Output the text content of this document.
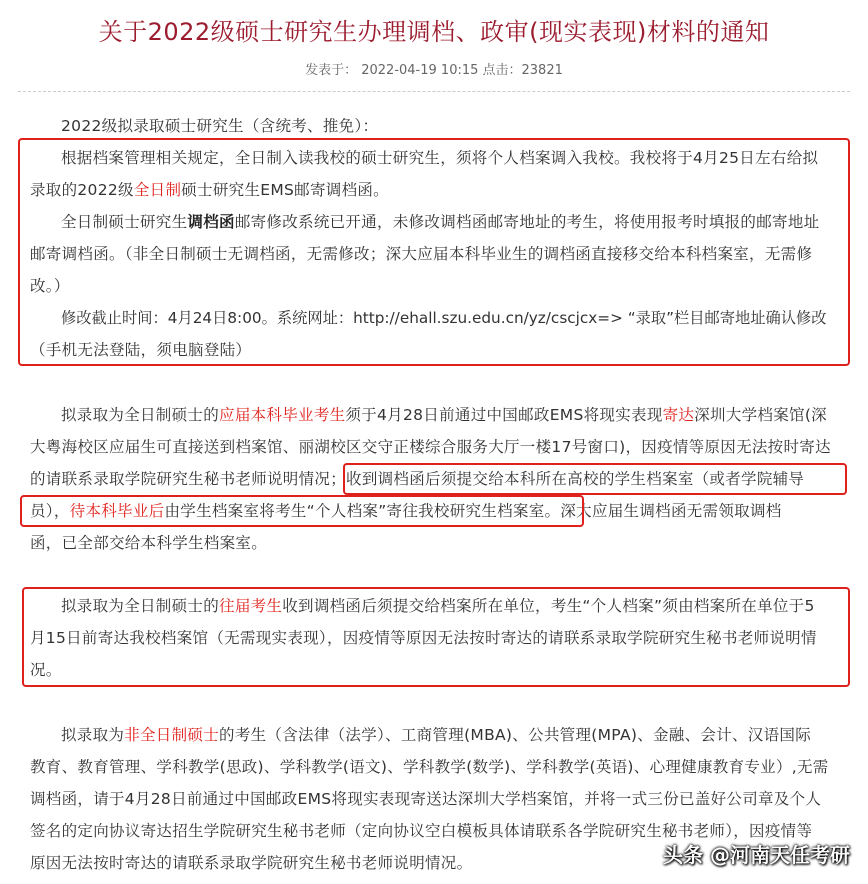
关于2022级硕士研究生办理调档、政审(现实表现)材料的通知
发表于： 2022-04-19 10:15 点击：23821
2022级拟录取硕士研究生（含统考、推免）：
根据档案管理相关规定，全日制入读我校的硕士研究生，须将个人档案调入我校。我校将于4月25日左右给拟
录取的2022级全日制硕士研究生EMS邮寄调档函。
全日制硕士研究生调档函邮寄修改系统已开通，未修改调档函邮寄地址的考生，将使用报考时填报的邮寄地址
邮寄调档函。（非全日制硕士无调档函，无需修改；深大应届本科毕业生的调档函直接移交给本科档案室，无需修
改。）
修改截止时间：4月24日8:00。系统网址：http://ehall.szu.edu.cn/yz/cscjcx=> “录取”栏目邮寄地址确认修改
（手机无法登陆，须电脑登陆）
拟录取为全日制硕士的应届本科毕业考生须于4月28日前通过中国邮政EMS将现实表现寄达深圳大学档案馆(深
大粤海校区应届生可直接送到档案馆、丽湖校区交守正楼综合服务大厅一楼17号窗口)，因疫情等原因无法按时寄达
的请联系录取学院研究生秘书老师说明情况；收到调档函后须提交给本科所在高校的学生档案室（或者学院辅导
员），待本科毕业后由学生档案室将考生“个人档案”寄往我校研究生档案室。深大应届生调档函无需领取调档
函，已全部交给本科学生档案室。
拟录取为全日制硕士的往届考生收到调档函后须提交给档案所在单位，考生“个人档案”须由档案所在单位于5
月15日前寄达我校档案馆（无需现实表现），因疫情等原因无法按时寄达的请联系录取学院研究生秘书老师说明情
况。
拟录取为非全日制硕士的考生（含法律（法学）、工商管理(MBA)、公共管理(MPA)、金融、会计、汉语国际
教育、教育管理、学科教学(思政)、学科教学(语文)、学科教学(数学)、学科教学(英语)、心理健康教育专业）,无需
调档函，请于4月28日前通过中国邮政EMS将现实表现寄送达深圳大学档案馆，并将一式三份已盖好公司章及个人
签名的定向协议寄达招生学院研究生秘书老师（定向协议空白模板具体请联系各学院研究生秘书老师），因疫情等
原因无法按时寄达的请联系录取学院研究生秘书老师说明情况。	头条 @河南天任考研
